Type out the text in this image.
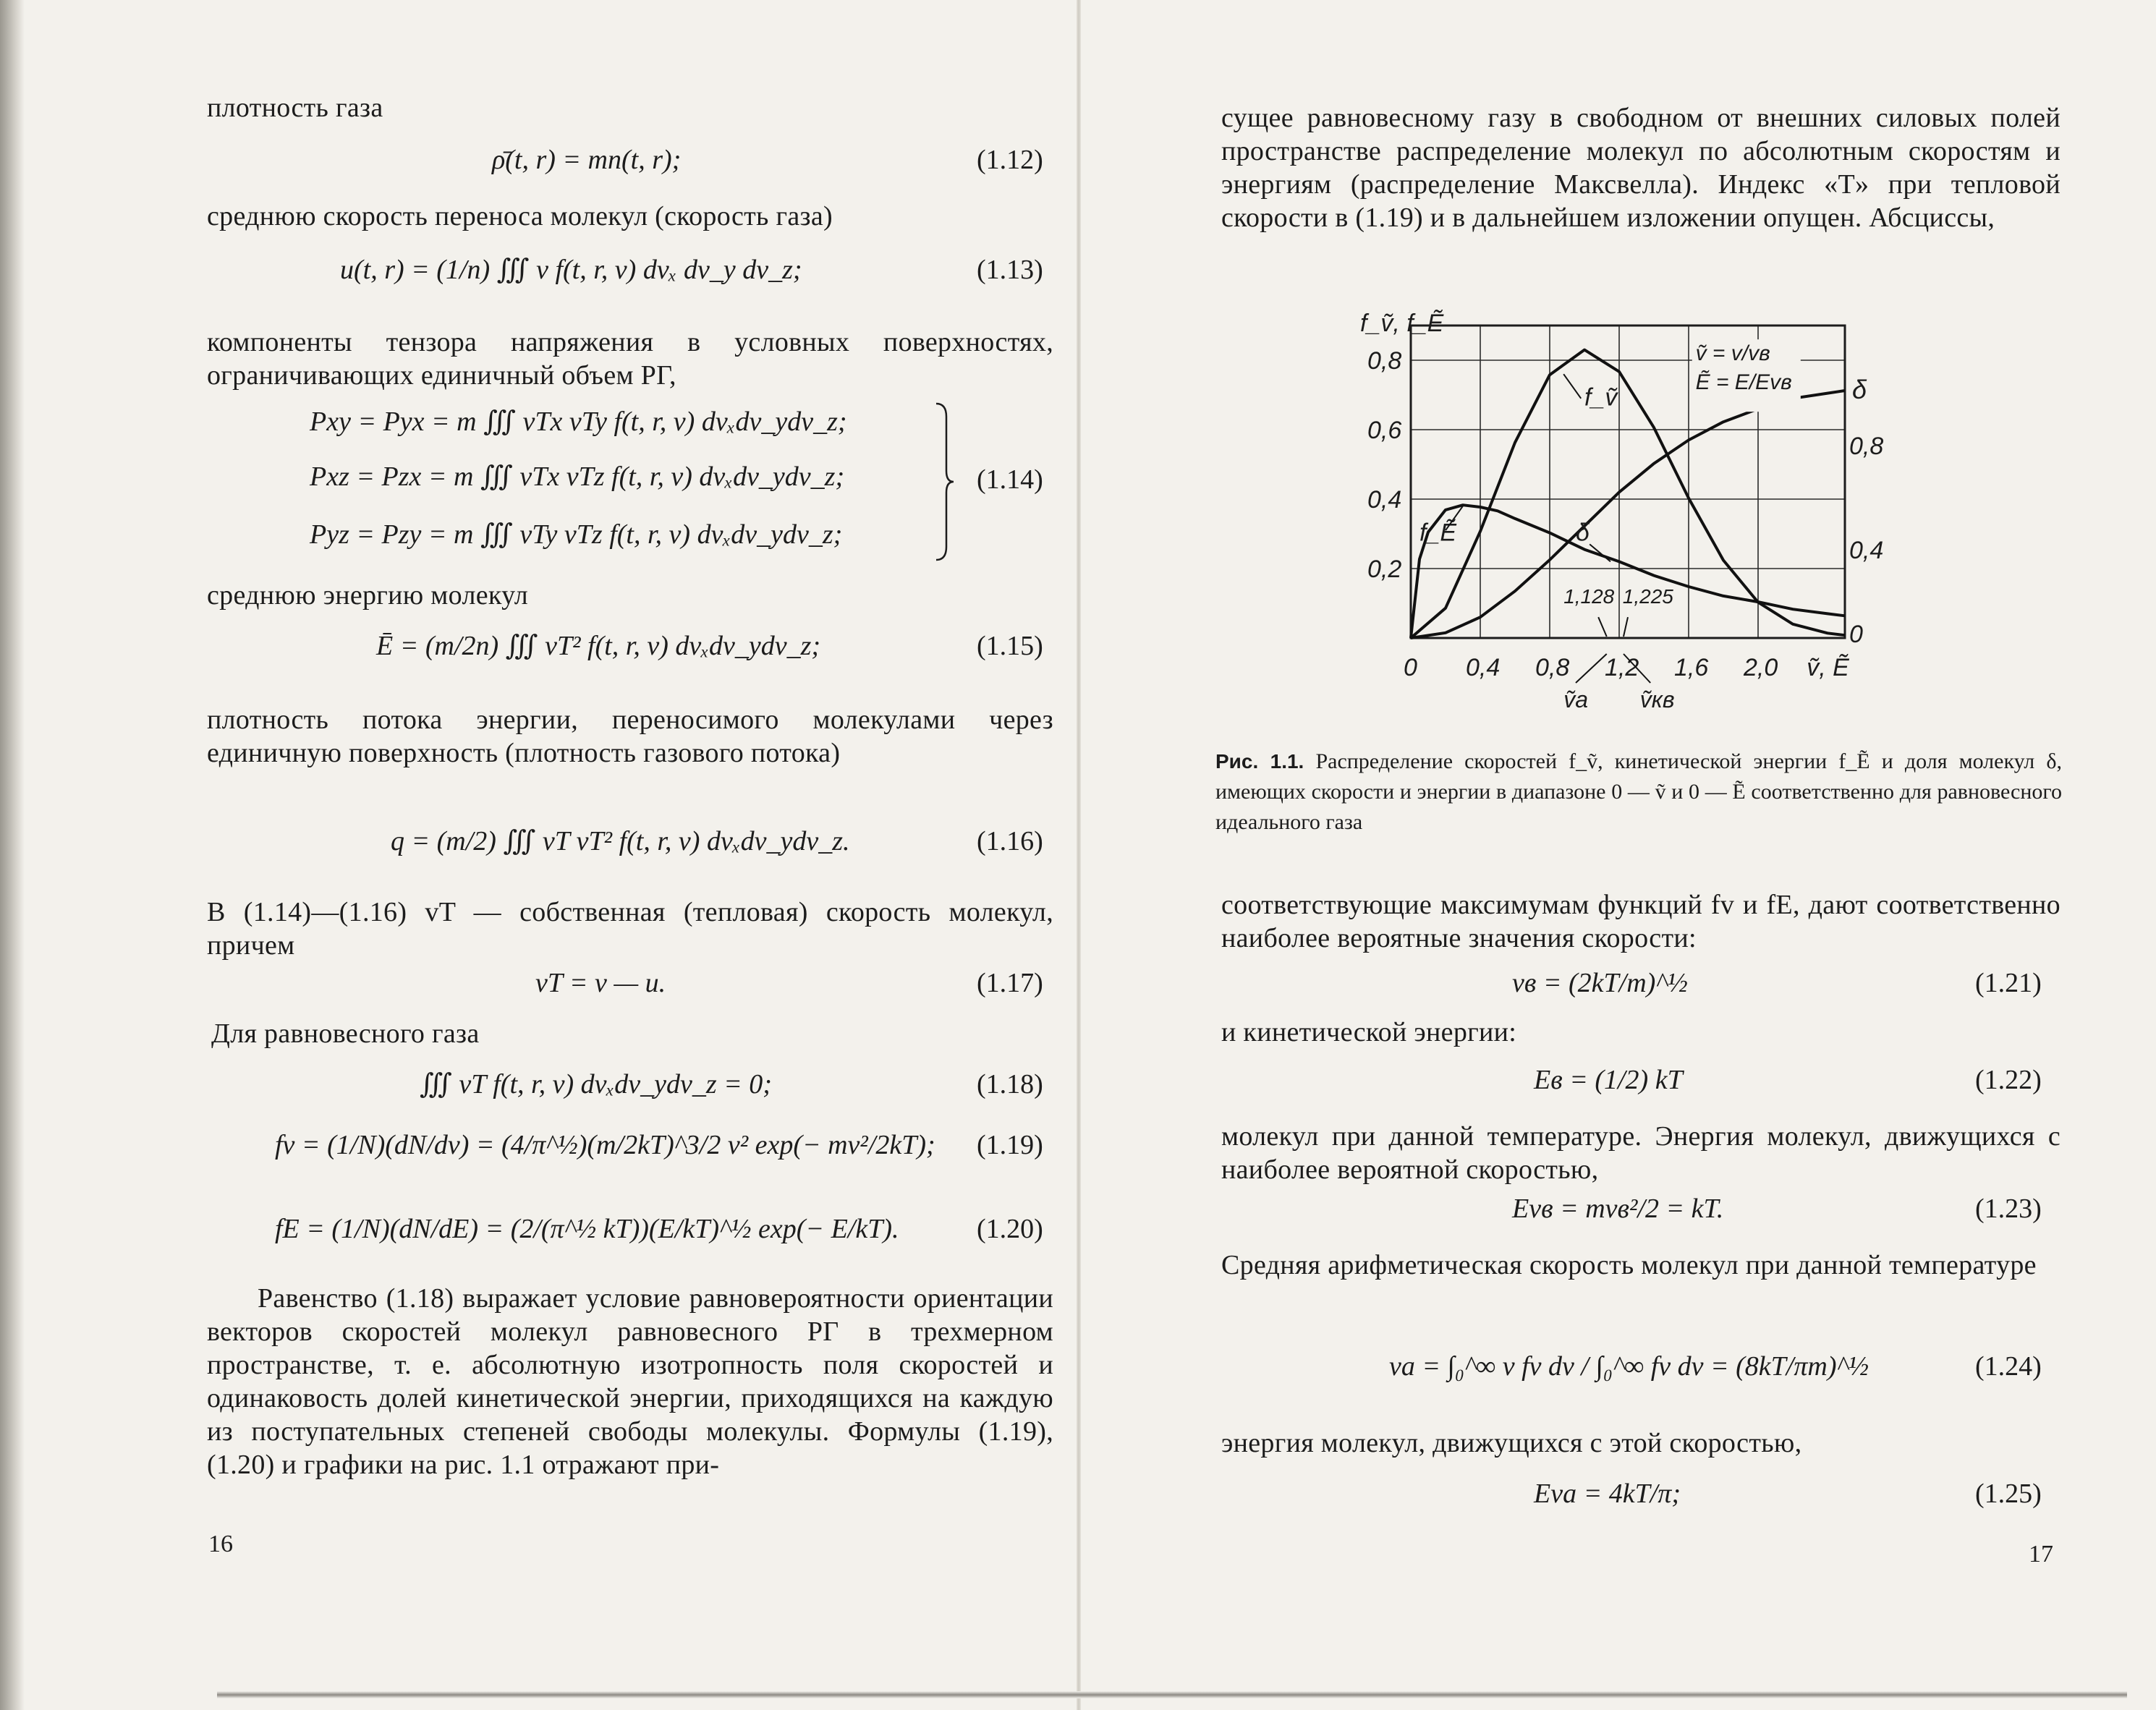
плотность газа

ρ̄(t, r) = mn(t, r);	(1.12)

среднюю скорость переноса молекул (скорость газа)

u(t, r) = (1/n) ∭ v f(t, r, v) dvₓ dv_y dv_z;	(1.13)

компоненты тензора напряжения в условных поверхностях, ограничивающих единичный объем РГ,

Pxy = Pyx = m ∭ vTx vTy f(t, r, v) dvₓdv_ydv_z;
Pxz = Pzx = m ∭ vTx vTz f(t, r, v) dvₓdv_ydv_z;
Pyz = Pzy = m ∭ vTy vTz f(t, r, v) dvₓdv_ydv_z;
(1.14)

среднюю энергию молекул

Ē = (m/2n) ∭ vT² f(t, r, v) dvₓdv_ydv_z;	(1.15)

плотность потока энергии, переносимого молекулами через единичную поверхность (плотность газового потока)

q = (m/2) ∭ vT vT² f(t, r, v) dvₓdv_ydv_z.	(1.16)

В (1.14)—(1.16) vT — собственная (тепловая) скорость молекул, причем

vT = v — u.	(1.17)

Для равновесного газа

∭ vT f(t, r, v) dvₓdv_ydv_z = 0;	(1.18)
fv = (1/N)(dN/dv) = (4/π^½)(m/2kT)^3/2 v² exp(− mv²/2kT); (1.19)
fE = (1/N)(dN/dE) = (2/(π^½ kT))(E/kT)^½ exp(− E/kT).	(1.20)

Равенство (1.18) выражает условие равновероятности ориентации векторов скоростей молекул равновесного РГ в трехмерном пространстве, т. е. абсолютную изотропность поля скоростей и одинаковость долей кинетической энергии, приходящихся на каждую из поступательных степеней свободы молекулы. Формулы (1.19), (1.20) и графики на рис. 1.1 отражают при-

16

сущее равновесному газу в свободном от внешних силовых полей пространстве распределение молекул по абсолютным скоростям и энергиям (распределение Максвелла). Индекс «T» при тепловой скорости в (1.19) и в дальнейшем изложении опущен. Абсциссы,

0 0,4 0,8 1,2 1,6 2,0
0,2
0,4
0,6
0,8
0
0,4
0,8
f_ṽ, f_Ẽ
δ
ṽ, Ẽ
f_ṽ
f_Ẽ	δ
ṽ = v/vв
Ẽ = E/Evв
1,128 1,225
ṽa ṽкв

Рис. 1.1. Распределение скоростей f_ṽ, кинетической энергии f_Ẽ и доля молекул δ, имеющих скорости и энергии в диапазоне 0 — ṽ и 0 — Ẽ соответственно для равновесного идеального газа

соответствующие максимумам функций fv и fE, дают соответственно наиболее вероятные значения скорости:

vв = (2kT/m)^½	(1.21)

и кинетической энергии:

Eв = (1/2) kT	(1.22)

молекул при данной температуре. Энергия молекул, движущихся с наиболее вероятной скоростью,

Evв = mvв²/2 = kT.	(1.23)

Средняя арифметическая скорость молекул при данной температуре

va = ∫₀^∞ v fv dv / ∫₀^∞ fv dv = (8kT/πm)^½	(1.24)

энергия молекул, движущихся с этой скоростью,

Eva = 4kT/π;	(1.25)
17
